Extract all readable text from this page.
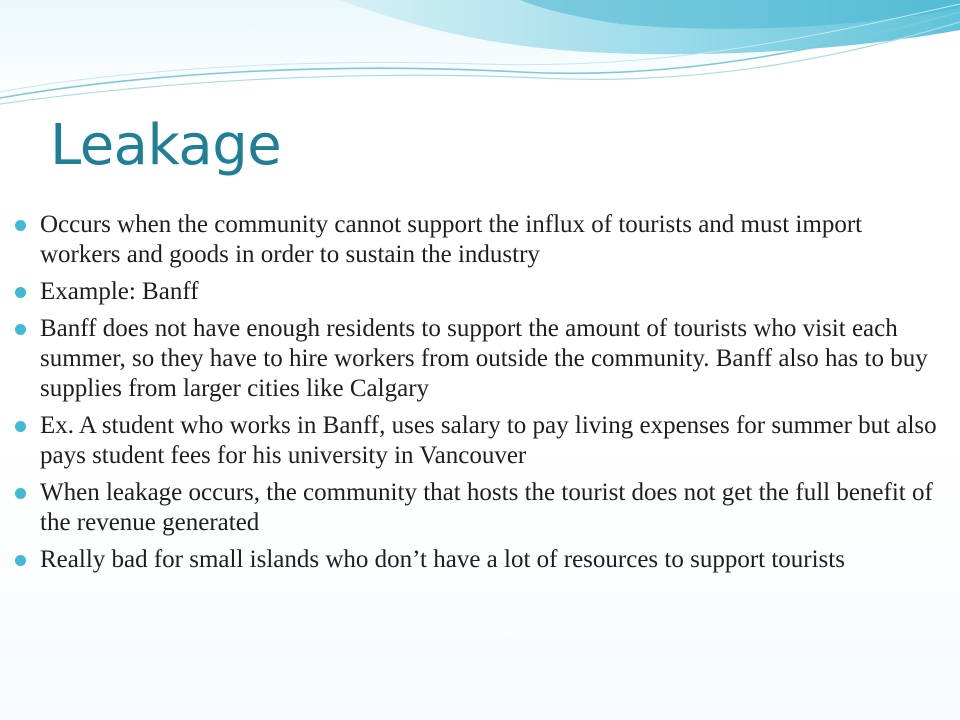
Leakage
Occurs when the community cannot support the influx of tourists and must import workers and goods in order to sustain the industry
Example: Banff
Banff does not have enough residents to support the amount of tourists who visit each summer, so they have to hire workers from outside the community. Banff also has to buy supplies from larger cities like Calgary
Ex. A student who works in Banff, uses salary to pay living expenses for summer but also pays student fees for his university in Vancouver
When leakage occurs, the community that hosts the tourist does not get the full benefit of the revenue generated
Really bad for small islands who don’t have a lot of resources to support tourists
